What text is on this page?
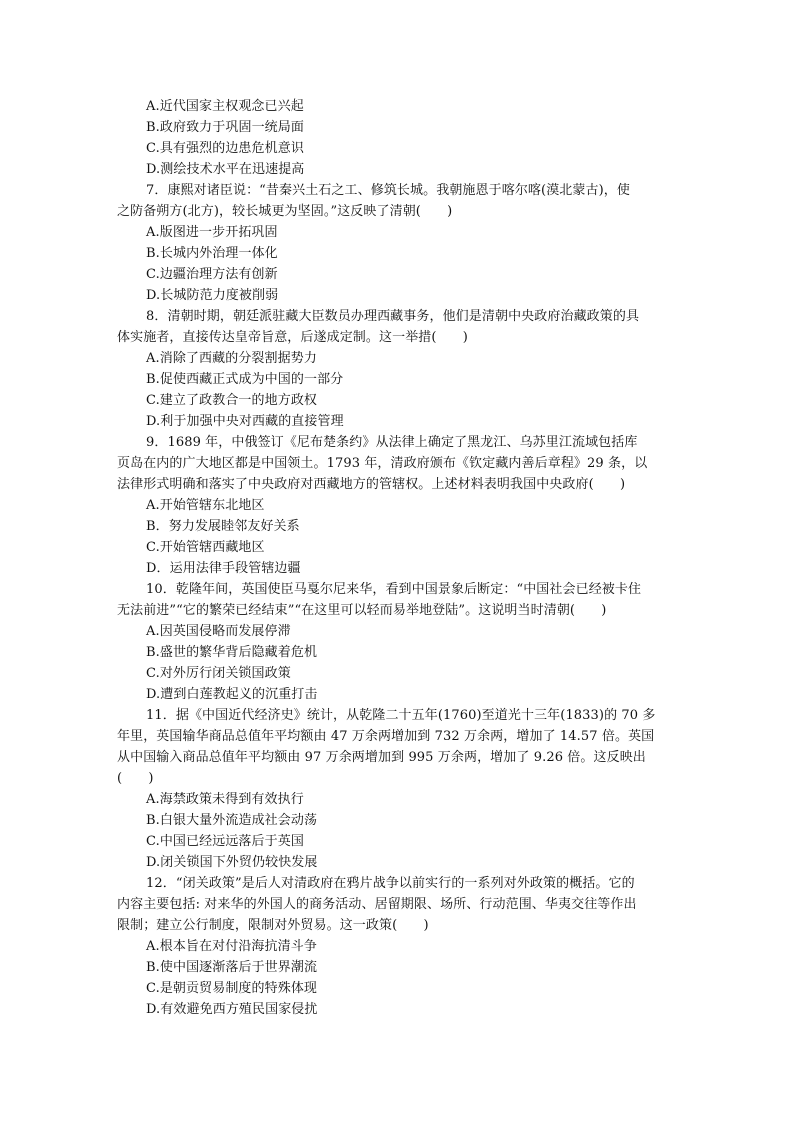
A.近代国家主权观念已兴起
B.政府致力于巩固一统局面
C.具有强烈的边患危机意识
D.测绘技术水平在迅速提高
7．康熙对诸臣说：“昔秦兴土石之工、修筑长城。我朝施恩于喀尔喀(漠北蒙古)，使
之防备朔方(北方)，较长城更为坚固。”这反映了清朝(　　)
A.版图进一步开拓巩固
B.长城内外治理一体化
C.边疆治理方法有创新
D.长城防范力度被削弱
8．清朝时期，朝廷派驻藏大臣数员办理西藏事务，他们是清朝中央政府治藏政策的具
体实施者，直接传达皇帝旨意，后遂成定制。这一举措(　　)
A.消除了西藏的分裂割据势力
B.促使西藏正式成为中国的一部分
C.建立了政教合一的地方政权
D.利于加强中央对西藏的直接管理
9．1689 年，中俄签订《尼布楚条约》从法律上确定了黑龙江、乌苏里江流域包括库
页岛在内的广大地区都是中国领土。1793 年，清政府颁布《钦定藏内善后章程》29 条，以
法律形式明确和落实了中央政府对西藏地方的管辖权。上述材料表明我国中央政府(　　)
A.开始管辖东北地区
B．努力发展睦邻友好关系
C.开始管辖西藏地区
D．运用法律手段管辖边疆
10．乾隆年间，英国使臣马戛尔尼来华，看到中国景象后断定：“中国社会已经被卡住
无法前进”“它的繁荣已经结束”“在这里可以轻而易举地登陆”。这说明当时清朝(　　)
A.因英国侵略而发展停滞
B.盛世的繁华背后隐藏着危机
C.对外厉行闭关锁国政策
D.遭到白莲教起义的沉重打击
11．据《中国近代经济史》统计，从乾隆二十五年(1760)至道光十三年(1833)的 70 多
年里，英国输华商品总值年平均额由 47 万余两增加到 732 万余两，增加了 14.57 倍。英国
从中国输入商品总值年平均额由 97 万余两增加到 995 万余两，增加了 9.26 倍。这反映出
(　　)
A.海禁政策未得到有效执行
B.白银大量外流造成社会动荡
C.中国已经远远落后于英国
D.闭关锁国下外贸仍较快发展
12．“闭关政策”是后人对清政府在鸦片战争以前实行的一系列对外政策的概括。它的
内容主要包括: 对来华的外国人的商务活动、居留期限、场所、行动范围、华夷交往等作出
限制；建立公行制度，限制对外贸易。这一政策(　　)
A.根本旨在对付沿海抗清斗争
B.使中国逐渐落后于世界潮流
C.是朝贡贸易制度的特殊体现
D.有效避免西方殖民国家侵扰
